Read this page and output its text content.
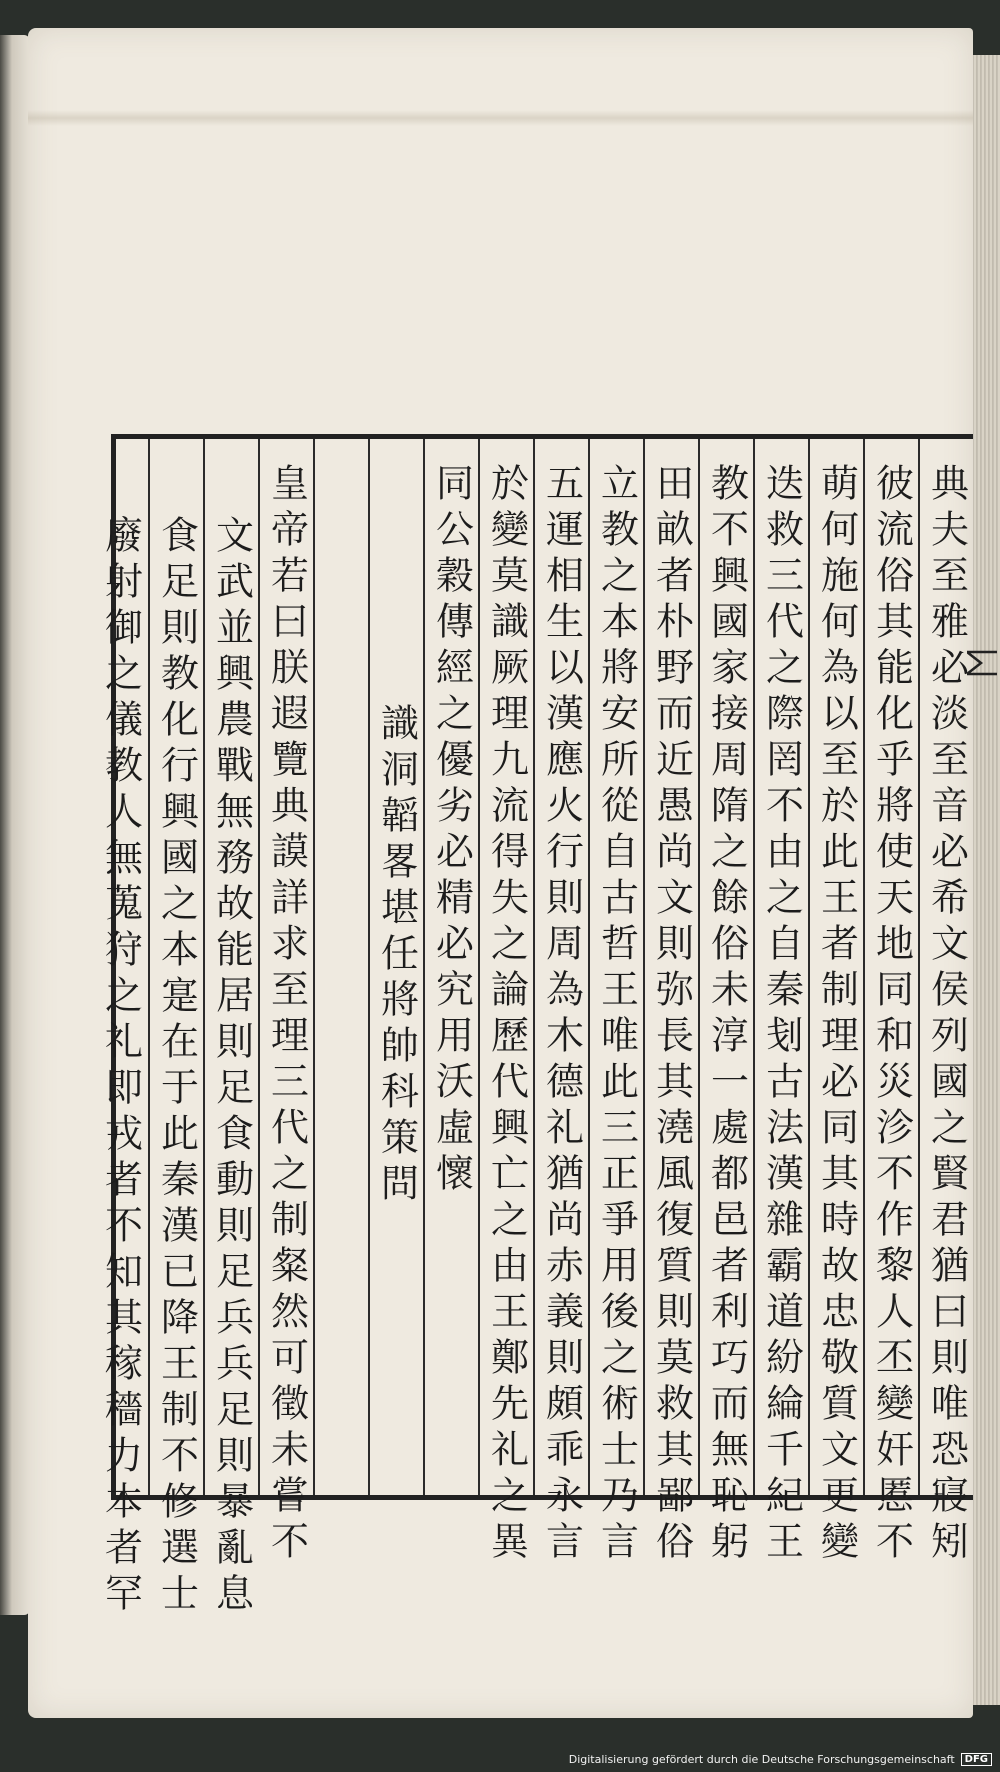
典夫至雅必淡至音必希文侯列國之賢君猶曰則唯恐寢矧
彼流俗其能化乎將使天地同和災沴不作黎人丕變奸慝不
萌何施何為以至於此王者制理必同其時故忠敬質文更變
迭救三代之際罔不由之自秦刬古法漢雜霸道紛綸千紀王
教不興國家接周隋之餘俗未淳一處都邑者利巧而無恥躬
田畝者朴野而近愚尚文則弥長其澆風復質則莫救其鄙俗
立教之本將安所從自古哲王唯此三正爭用後之術士乃言
五運相生以漢應火行則周為木德礼猶尚赤義則頗乖永言
於變莫識厥理九流得失之論歷代興亡之由王鄭先礼之異
同公穀傳經之優劣必精必究用沃虛懷
識洞韜畧堪任將帥科策問
皇帝若曰朕遐覽典謨詳求至理三代之制粲然可徵未嘗不
文武並興農戰無務故能居則足食動則足兵兵足則暴亂息
食足則教化行興國之本寔在于此秦漢已降王制不修選士
廢射御之儀教人無蒐狩之礼即戎者不知其稼穡力本者罕
Digitalisierung gefördert durch die Deutsche Forschungsgemeinschaft	DFG
